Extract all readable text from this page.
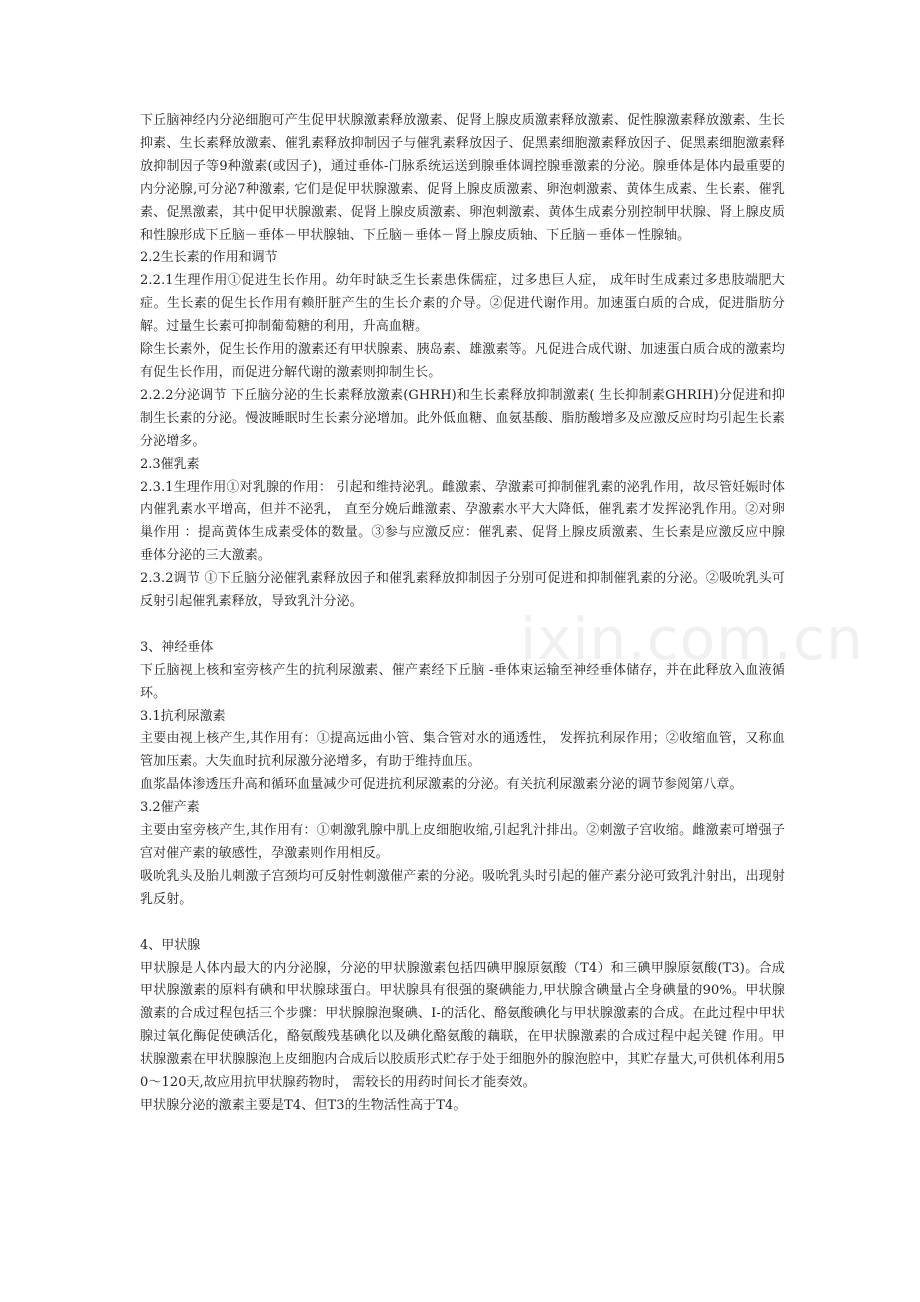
下丘脑神经内分泌细胞可产生促甲状腺激素释放激素、促肾上腺皮质激素释放激素、促性腺激素释放激素、生长抑素、生长素释放激素、催乳素释放抑制因子与催乳素释放因子、促黑素细胞激素释放因子、促黑素细胞激素释放抑制因子等9种激素(或因子)，通过垂体-门脉系统运送到腺垂体调控腺垂激素的分泌。腺垂体是体内最重要的内分泌腺,可分泌7种激素, 它们是促甲状腺激素、促肾上腺皮质激素、卵泡刺激素、黄体生成素、生长素、催乳素、促黑激素，其中促甲状腺激素、促肾上腺皮质激素、卵泡刺激素、黄体生成素分别控制甲状腺、肾上腺皮质和性腺形成下丘脑－垂体－甲状腺轴、下丘脑－垂体－肾上腺皮质轴、下丘脑－垂体－性腺轴。

2.2生长素的作用和调节

2.2.1生理作用①促进生长作用。幼年时缺乏生长素患侏儒症，过多患巨人症， 成年时生成素过多患肢端肥大症。生长素的促生长作用有赖肝脏产生的生长介素的介导。②促进代谢作用。加速蛋白质的合成，促进脂肪分解。过量生长素可抑制葡萄糖的利用，升高血糖。

除生长素外，促生长作用的激素还有甲状腺素、胰岛素、雄激素等。凡促进合成代谢、加速蛋白质合成的激素均有促生长作用，而促进分解代谢的激素则抑制生长。

2.2.2分泌调节 下丘脑分泌的生长素释放激素(GHRH)和生长素释放抑制激素( 生长抑制素GHRIH)分促进和抑制生长素的分泌。慢波睡眠时生长素分泌增加。此外低血糖、血氨基酸、脂肪酸增多及应激反应时均引起生长素分泌增多。

2.3催乳素

2.3.1生理作用①对乳腺的作用： 引起和维持泌乳。雌激素、孕激素可抑制催乳素的泌乳作用，故尽管妊娠时体内催乳素水平增高，但并不泌乳， 直至分娩后雌激素、孕激素水平大大降低，催乳素才发挥泌乳作用。②对卵巢作用 ：提高黄体生成素受体的数量。③参与应激反应：催乳素、促肾上腺皮质激素、生长素是应激反应中腺垂体分泌的三大激素。

2.3.2调节 ①下丘脑分泌催乳素释放因子和催乳素释放抑制因子分别可促进和抑制催乳素的分泌。②吸吮乳头可反射引起催乳素释放，导致乳汁分泌。

3、神经垂体

下丘脑视上核和室旁核产生的抗利尿激素、催产素经下丘脑 -垂体束运输至神经垂体储存，并在此释放入血液循环。

3.1抗利尿激素

主要由视上核产生,其作用有：①提高远曲小管、集合管对水的通透性， 发挥抗利尿作用；②收缩血管，又称血管加压素。大失血时抗利尿激分泌增多，有助于维持血压。

血浆晶体渗透压升高和循环血量减少可促进抗利尿激素的分泌。有关抗利尿激素分泌的调节参阅第八章。

3.2催产素

主要由室旁核产生,其作用有：①刺激乳腺中肌上皮细胞收缩,引起乳汁排出。②刺激子宫收缩。雌激素可增强子宫对催产素的敏感性，孕激素则作用相反。

吸吮乳头及胎儿刺激子宫颈均可反射性刺激催产素的分泌。吸吮乳头时引起的催产素分泌可致乳汁射出，出现射乳反射。

4、甲状腺

甲状腺是人体内最大的内分泌腺，分泌的甲状腺激素包括四碘甲腺原氨酸（T4）和三碘甲腺原氨酸(T3)。合成甲状腺激素的原料有碘和甲状腺球蛋白。甲状腺具有很强的聚碘能力,甲状腺含碘量占全身碘量的90%。甲状腺激素的合成过程包括三个步骤：甲状腺腺泡聚碘、I-的活化、酪氨酸碘化与甲状腺激素的合成。在此过程中甲状腺过氧化酶促使碘活化，酪氨酸残基碘化以及碘化酪氨酸的藕联，在甲状腺激素的合成过程中起关键 作用。甲状腺激素在甲状腺腺泡上皮细胞内合成后以胶质形式贮存于处于细胞外的腺泡腔中，其贮存量大,可供机体利用50～120天,故应用抗甲状腺药物时， 需较长的用药时间长才能奏效。

甲状腺分泌的激素主要是T4、但T3的生物活性高于T4。

ixin.com.cn
